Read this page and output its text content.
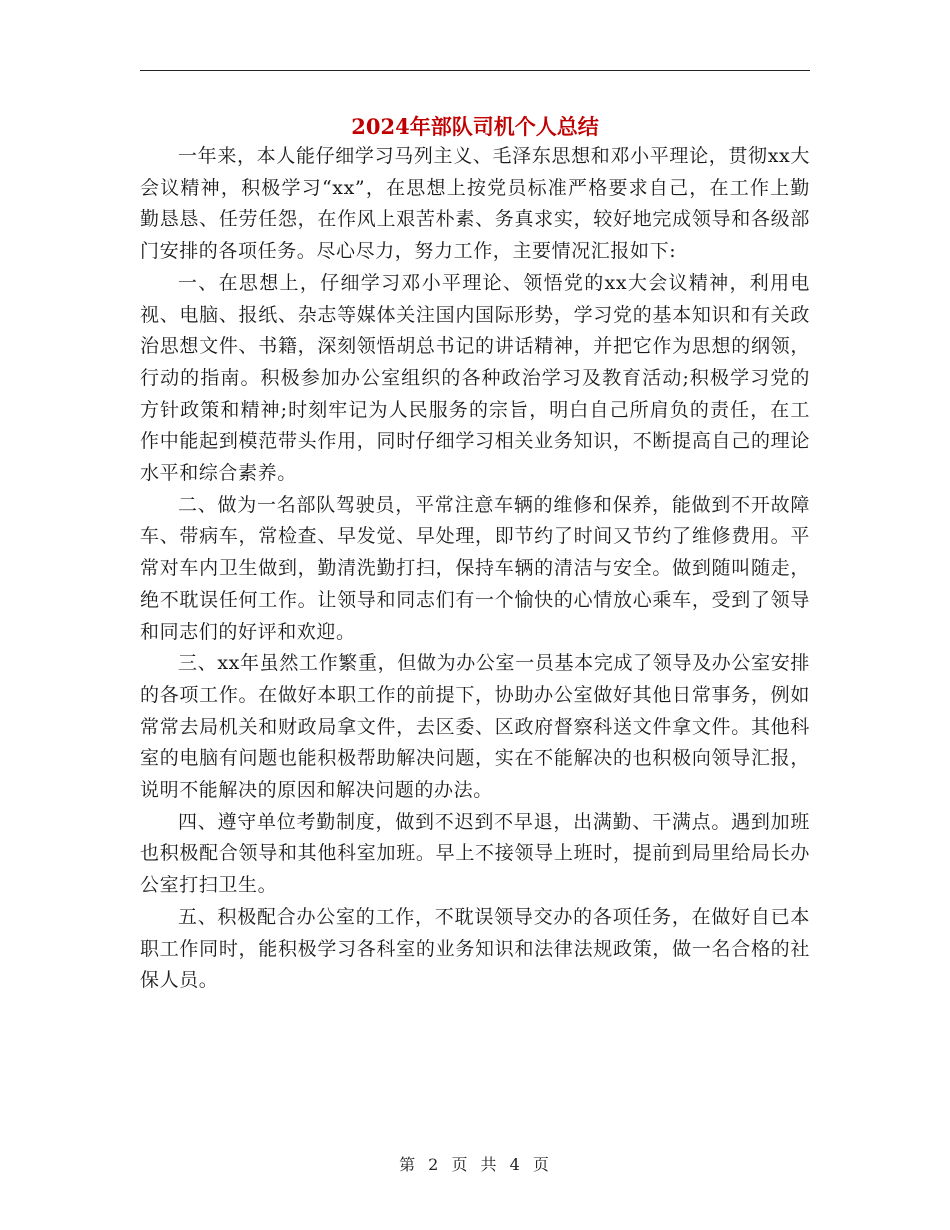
2024年部队司机个人总结

一年来，本人能仔细学习马列主义、毛泽东思想和邓小平理论，贯彻xx大会议精神，积极学习“xx”，在思想上按党员标准严格要求自己，在工作上勤勤恳恳、任劳任怨，在作风上艰苦朴素、务真求实，较好地完成领导和各级部门安排的各项任务。尽心尽力，努力工作，主要情况汇报如下:

一、在思想上，仔细学习邓小平理论、领悟党的xx大会议精神，利用电视、电脑、报纸、杂志等媒体关注国内国际形势，学习党的基本知识和有关政治思想文件、书籍，深刻领悟胡总书记的讲话精神，并把它作为思想的纲领，行动的指南。积极参加办公室组织的各种政治学习及教育活动;积极学习党的方针政策和精神;时刻牢记为人民服务的宗旨，明白自己所肩负的责任，在工作中能起到模范带头作用，同时仔细学习相关业务知识，不断提高自己的理论水平和综合素养。

二、做为一名部队驾驶员，平常注意车辆的维修和保养，能做到不开故障车、带病车，常检查、早发觉、早处理，即节约了时间又节约了维修费用。平常对车内卫生做到，勤清洗勤打扫，保持车辆的清洁与安全。做到随叫随走，绝不耽误任何工作。让领导和同志们有一个愉快的心情放心乘车，受到了领导和同志们的好评和欢迎。

三、xx年虽然工作繁重，但做为办公室一员基本完成了领导及办公室安排的各项工作。在做好本职工作的前提下，协助办公室做好其他日常事务，例如常常去局机关和财政局拿文件，去区委、区政府督察科送文件拿文件。其他科室的电脑有问题也能积极帮助解决问题，实在不能解决的也积极向领导汇报，说明不能解决的原因和解决问题的办法。

四、遵守单位考勤制度，做到不迟到不早退，出满勤、干满点。遇到加班也积极配合领导和其他科室加班。早上不接领导上班时，提前到局里给局长办公室打扫卫生。

五、积极配合办公室的工作，不耽误领导交办的各项任务，在做好自已本职工作同时，能积极学习各科室的业务知识和法律法规政策，做一名合格的社保人员。

第 2 页 共 4 页
